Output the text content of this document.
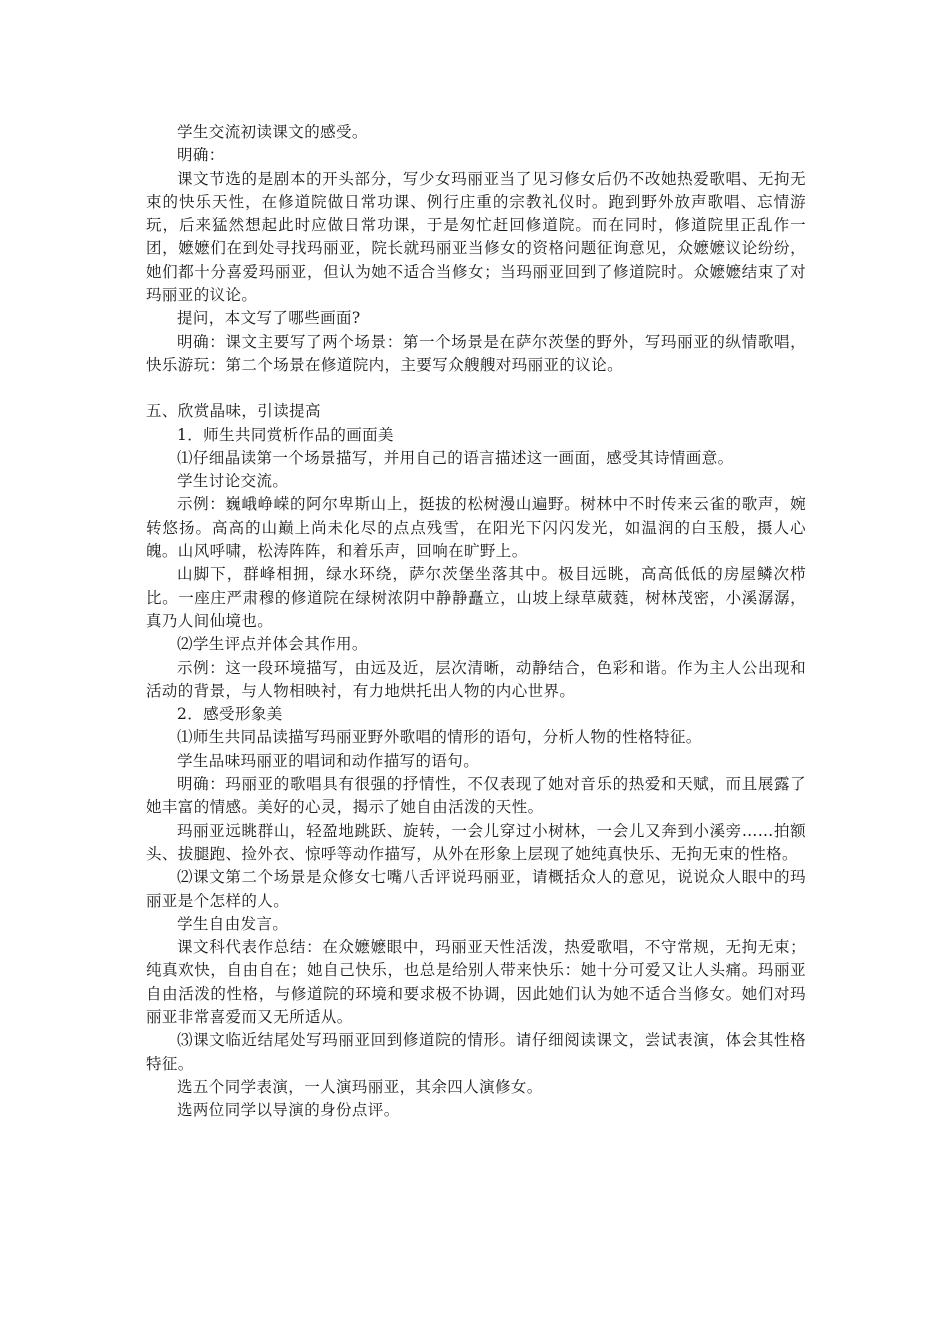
学生交流初读课文的感受。

明确：

课文节选的是剧本的开头部分，写少女玛丽亚当了见习修女后仍不改她热爱歌唱、无拘无束的快乐天性，在修道院做日常功课、例行庄重的宗教礼仪时。跑到野外放声歌唱、忘情游玩，后来猛然想起此时应做日常功课，于是匆忙赶回修道院。而在同时，修道院里正乱作一团，嬷嬷们在到处寻找玛丽亚，院长就玛丽亚当修女的资格问题征询意见，众嬷嬷议论纷纷，她们都十分喜爱玛丽亚，但认为她不适合当修女；当玛丽亚回到了修道院时。众嬷嬷结束了对玛丽亚的议论。

提问，本文写了哪些画面?

明确：课文主要写了两个场景：第一个场景是在萨尔茨堡的野外，写玛丽亚的纵情歌唱，快乐游玩：第二个场景在修道院内，主要写众艘艘对玛丽亚的议论。

五、欣赏晶味，引读提高

1．师生共同赏析作品的画面美

⑴仔细晶读第一个场景描写，并用自己的语言描述这一画面，感受其诗情画意。

学生讨论交流。

示例：巍峨峥嵘的阿尔卑斯山上，挺拔的松树漫山遍野。树林中不时传来云雀的歌声，婉转悠扬。高高的山巅上尚未化尽的点点残雪，在阳光下闪闪发光，如温润的白玉般，摄人心魄。山风呼啸，松涛阵阵，和着乐声，回响在旷野上。

山脚下，群峰相拥，绿水环绕，萨尔茨堡坐落其中。极目远眺，高高低低的房屋鳞次栉比。一座庄严肃穆的修道院在绿树浓阴中静静矗立，山坡上绿草葳蕤，树林茂密，小溪潺潺，真乃人间仙境也。

⑵学生评点并体会其作用。

示例：这一段环境描写，由远及近，层次清晰，动静结合，色彩和谐。作为主人公出现和活动的背景，与人物相映衬，有力地烘托出人物的内心世界。

2．感受形象美

⑴师生共同品读描写玛丽亚野外歌唱的情形的语句，分析人物的性格特征。

学生品味玛丽亚的唱词和动作描写的语句。

明确：玛丽亚的歌唱具有很强的抒情性，不仅表现了她对音乐的热爱和天赋，而且展露了她丰富的情感。美好的心灵，揭示了她自由活泼的天性。

玛丽亚远眺群山，轻盈地跳跃、旋转，一会儿穿过小树林，一会儿又奔到小溪旁……拍额头、拔腿跑、捡外衣、惊呼等动作描写，从外在形象上层现了她纯真快乐、无拘无束的性格。

⑵课文第二个场景是众修女七嘴八舌评说玛丽亚，请概括众人的意见，说说众人眼中的玛丽亚是个怎样的人。

学生自由发言。

课文科代表作总结：在众嬷嬷眼中，玛丽亚天性活泼，热爱歌唱，不守常规，无拘无束；纯真欢快，自由自在；她自己快乐，也总是给别人带来快乐：她十分可爱又让人头痛。玛丽亚自由活泼的性格，与修道院的环境和要求极不协调，因此她们认为她不适合当修女。她们对玛丽亚非常喜爱而又无所适从。

⑶课文临近结尾处写玛丽亚回到修道院的情形。请仔细阅读课文，尝试表演，体会其性格特征。

选五个同学表演，一人演玛丽亚，其余四人演修女。

选两位同学以导演的身份点评。
